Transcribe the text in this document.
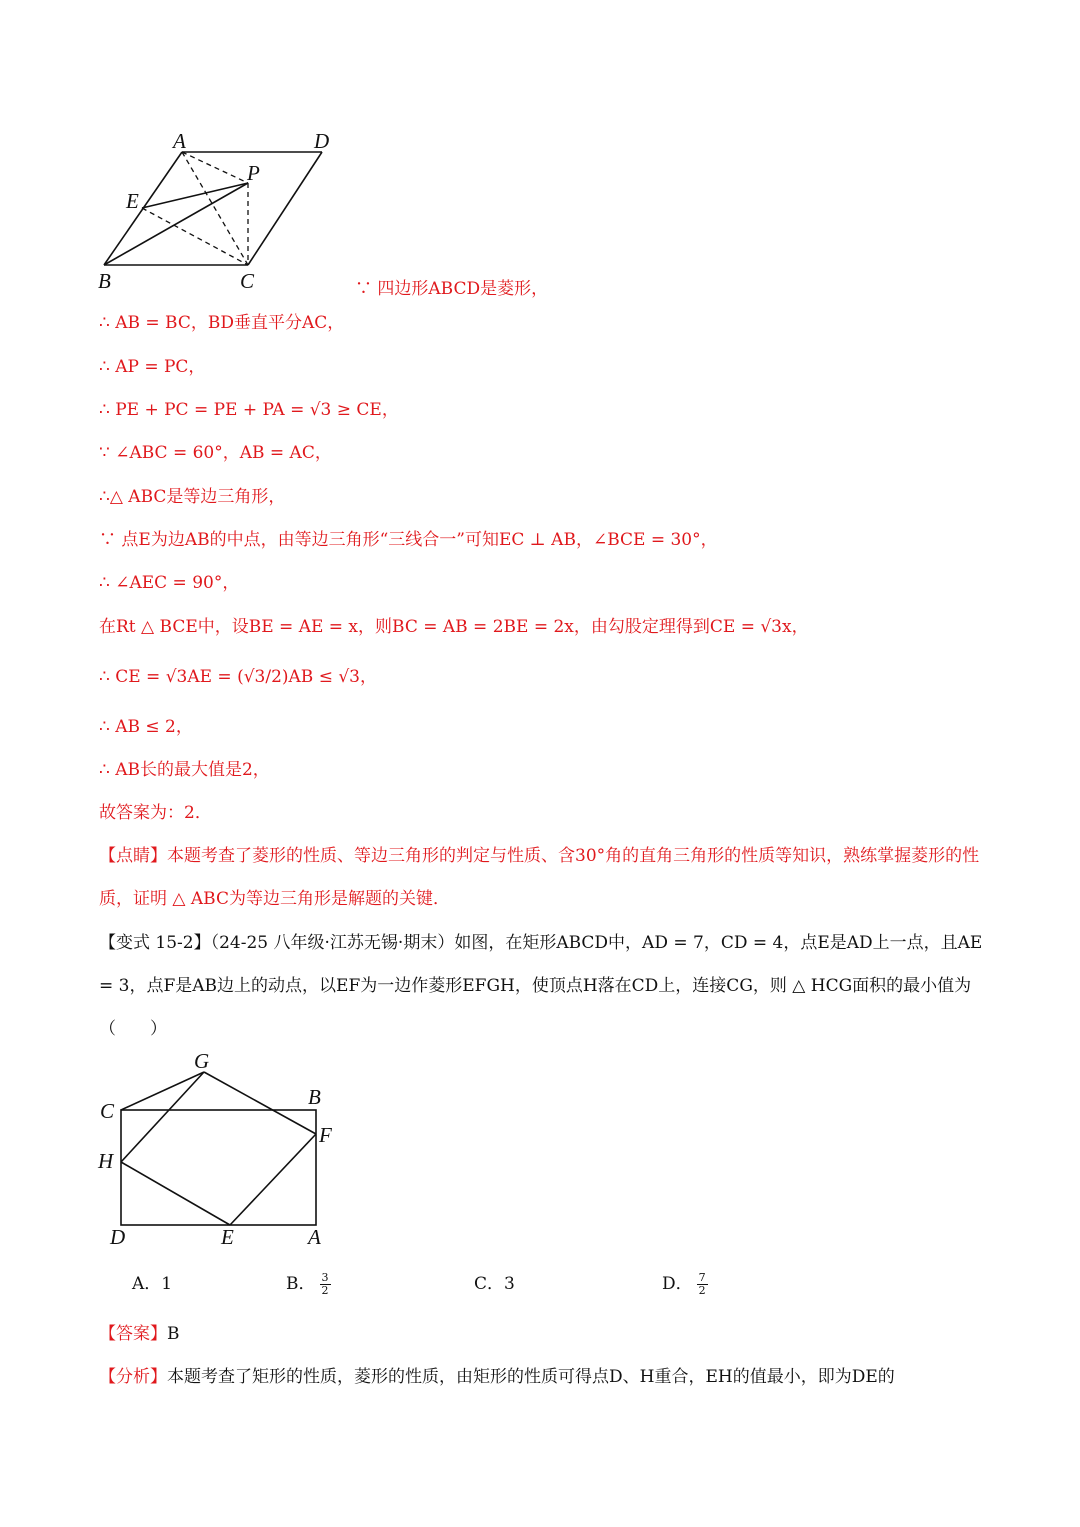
A	D
P
E
B	C	∵ 四边形ABCD是菱形，
∴ AB = BC，BD垂直平分AC，
∴ AP = PC，
∴ PE + PC = PE + PA = √3 ≥ CE，
∵ ∠ABC = 60°，AB = AC，
∴△ ABC是等边三角形，
∵ 点E为边AB的中点，由等边三角形“三线合一”可知EC ⊥ AB，∠BCE = 30°，
∴ ∠AEC = 90°，
在Rt △ BCE中，设BE = AE = x，则BC = AB = 2BE = 2x，由勾股定理得到CE = √3x，
∴ CE = √3AE = (√3/2)AB ≤ √3，
∴ AB ≤ 2，
∴ AB长的最大值是2，
故答案为：2．
【点睛】本题考查了菱形的性质、等边三角形的判定与性质、含30°角的直角三角形的性质等知识，熟练掌握菱形的性质，证明 △ ABC为等边三角形是解题的关键．
【变式 15-2】（24-25 八年级·江苏无锡·期末）如图，在矩形ABCD中，AD = 7，CD = 4，点E是AD上一点，且AE = 3，点F是AB边上的动点，以EF为一边作菱形EFGH，使顶点H落在CD上，连接CG，则 △ HCG面积的最小值为（　　）
G
B
C
F
H
D	E	A
A．1	B． $\frac{3}{2}$	C．3	D． $\frac{7}{2}$
【答案】B
【分析】本题考查了矩形的性质，菱形的性质，由矩形的性质可得点D、H重合，EH的值最小，即为DE的
